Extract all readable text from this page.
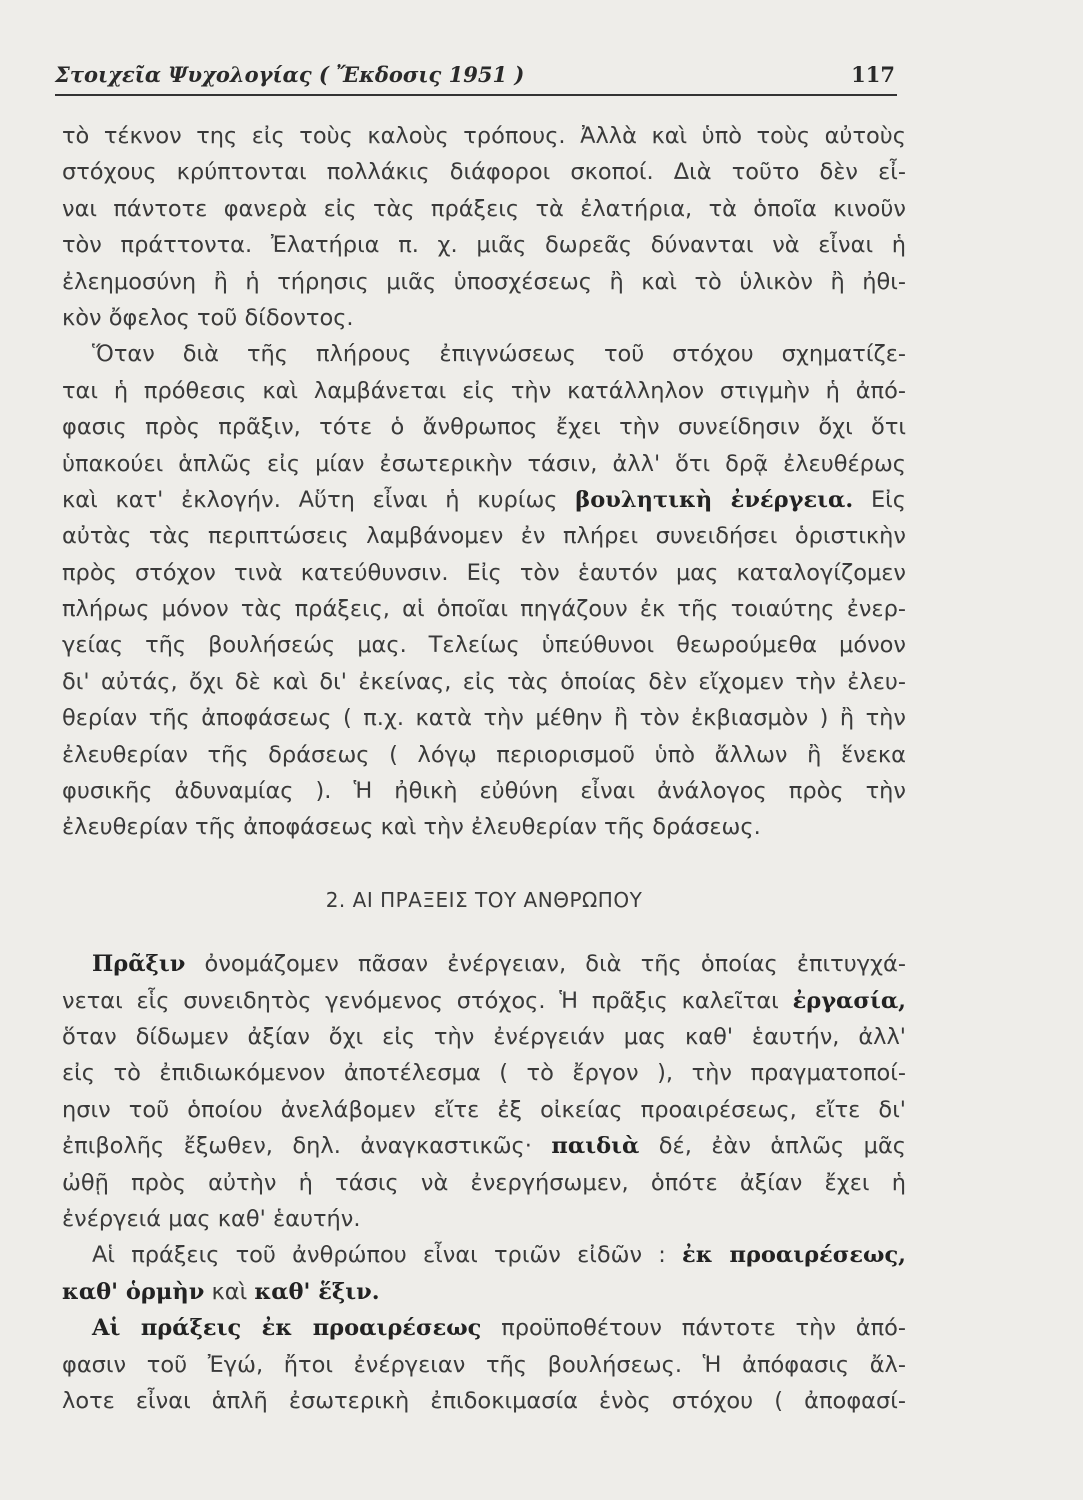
Στοιχεῖα Ψυχολογίας ( Ἔκδοσις 1951 )	117
τὸ τέκνον της εἰς τοὺς καλοὺς τρόπους. Ἀλλὰ καὶ ὑπὸ τοὺς αὐτοὺς
στόχους κρύπτονται πολλάκις διάφοροι σκοποί. Διὰ τοῦτο δὲν εἶ-
ναι πάντοτε φανερὰ εἰς τὰς πράξεις τὰ ἐλατήρια, τὰ ὁποῖα κινοῦν
τὸν πράττοντα. Ἐλατήρια π. χ. μιᾶς δωρεᾶς δύνανται νὰ εἶναι ἡ
ἐλεημοσύνη ἢ ἡ τήρησις μιᾶς ὑποσχέσεως ἢ καὶ τὸ ὑλικὸν ἢ ἠθι-
κὸν ὄφελος τοῦ δίδοντος.
Ὅταν διὰ τῆς πλήρους ἐπιγνώσεως τοῦ στόχου σχηματίζε-
ται ἡ πρόθεσις καὶ λαμβάνεται εἰς τὴν κατάλληλον στιγμὴν ἡ ἀπό-
φασις πρὸς πρᾶξιν, τότε ὁ ἄνθρωπος ἔχει τὴν συνείδησιν ὄχι ὅτι
ὑπακούει ἁπλῶς εἰς μίαν ἐσωτερικὴν τάσιν, ἀλλ' ὅτι δρᾷ ἐλευθέρως
καὶ κατ' ἐκλογήν. Αὕτη εἶναι ἡ κυρίως βουλητικὴ ἐνέργεια. Εἰς
αὐτὰς τὰς περιπτώσεις λαμβάνομεν ἐν πλήρει συνειδήσει ὁριστικὴν
πρὸς στόχον τινὰ κατεύθυνσιν. Εἰς τὸν ἑαυτόν μας καταλογίζομεν
πλήρως μόνον τὰς πράξεις, αἱ ὁποῖαι πηγάζουν ἐκ τῆς τοιαύτης ἐνερ-
γείας τῆς βουλήσεώς μας. Τελείως ὑπεύθυνοι θεωρούμεθα μόνον
δι' αὐτάς, ὄχι δὲ καὶ δι' ἐκείνας, εἰς τὰς ὁποίας δὲν εἴχομεν τὴν ἐλευ-
θερίαν τῆς ἀποφάσεως ( π.χ. κατὰ τὴν μέθην ἢ τὸν ἐκβιασμὸν ) ἢ τὴν
ἐλευθερίαν τῆς δράσεως ( λόγῳ περιορισμοῦ ὑπὸ ἄλλων ἢ ἕνεκα
φυσικῆς ἀδυναμίας ). Ἡ ἠθικὴ εὐθύνη εἶναι ἀνάλογος πρὸς τὴν
ἐλευθερίαν τῆς ἀποφάσεως καὶ τὴν ἐλευθερίαν τῆς δράσεως.
2. ΑΙ ΠΡΑΞΕΙΣ ΤΟΥ ΑΝΘΡΩΠΟΥ
Πρᾶξιν ὀνομάζομεν πᾶσαν ἐνέργειαν, διὰ τῆς ὁποίας ἐπιτυγχά-
νεται εἷς συνειδητὸς γενόμενος στόχος. Ἡ πρᾶξις καλεῖται ἐργασία,
ὅταν δίδωμεν ἀξίαν ὄχι εἰς τὴν ἐνέργειάν μας καθ' ἑαυτήν, ἀλλ'
εἰς τὸ ἐπιδιωκόμενον ἀποτέλεσμα ( τὸ ἔργον ), τὴν πραγματοποί-
ησιν τοῦ ὁποίου ἀνελάβομεν εἴτε ἐξ οἰκείας προαιρέσεως, εἴτε δι'
ἐπιβολῆς ἔξωθεν, δηλ. ἀναγκαστικῶς· παιδιὰ δέ, ἐὰν ἁπλῶς μᾶς
ὠθῇ πρὸς αὐτὴν ἡ τάσις νὰ ἐνεργήσωμεν, ὁπότε ἀξίαν ἔχει ἡ
ἐνέργειά μας καθ' ἑαυτήν.
Αἱ πράξεις τοῦ ἀνθρώπου εἶναι τριῶν εἰδῶν : ἐκ προαιρέσεως,
καθ' ὁρμὴν καὶ καθ' ἕξιν.
Αἱ πράξεις ἐκ προαιρέσεως προϋποθέτουν πάντοτε τὴν ἀπό-
φασιν τοῦ Ἐγώ, ἤτοι ἐνέργειαν τῆς βουλήσεως. Ἡ ἀπόφασις ἄλ-
λοτε εἶναι ἁπλῆ ἐσωτερικὴ ἐπιδοκιμασία ἑνὸς στόχου ( ἀποφασί-
